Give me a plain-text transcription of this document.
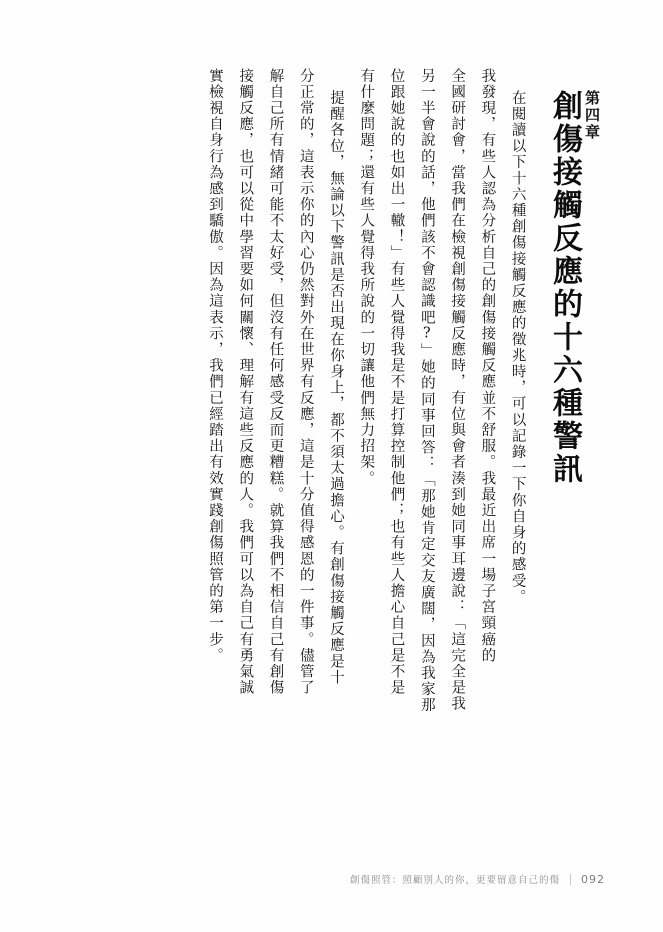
第四章
創傷接觸反應的十六種警訊
在閱讀以下十六種創傷接觸反應的徵兆時，可以記錄一下你自身的感受。
我發現，有些人認為分析自己的創傷接觸反應並不舒服。我最近出席一場子宮頸癌的
全國研討會，當我們在檢視創傷接觸反應時，有位與會者湊到她同事耳邊說：「這完全是我
另一半會說的話，他們該不會認識吧?」她的同事回答：「那她肯定交友廣闊，因為我家那
位跟她說的也如出一轍！」有些人覺得我是不是打算控制他們；也有些人擔心自己是不是
有什麼問題；還有些人覺得我所說的一切讓他們無力招架。
提醒各位，無論以下警訊是否出現在你身上，都不須太過擔心。有創傷接觸反應是十
分正常的，這表示你的內心仍然對外在世界有反應，這是十分值得感恩的一件事。儘管了
解自己所有情緒可能不太好受，但沒有任何感受反而更糟糕。就算我們不相信自己有創傷
接觸反應，也可以從中學習要如何關懷、理解有這些反應的人。我們可以為自己有勇氣誠
實檢視自身行為感到驕傲。因為這表示，我們已經踏出有效實踐創傷照管的第一步。
創傷照管：照顧別人的你，更要留意自己的傷 092
